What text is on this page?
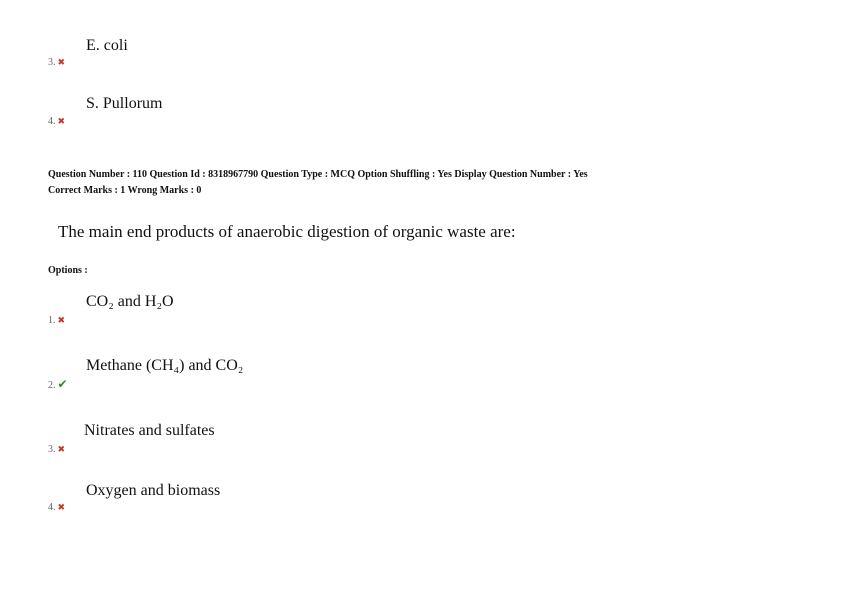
E. coli
3. ✖
S. Pullorum
4. ✖
Question Number : 110 Question Id : 8318967790 Question Type : MCQ Option Shuffling : Yes Display Question Number : Yes
Correct Marks : 1 Wrong Marks : 0
The main end products of anaerobic digestion of organic waste are:
Options :
CO₂ and H₂O
1. ✖
Methane (CH₄) and CO₂
2. ✔
Nitrates and sulfates
3. ✖
Oxygen and biomass
4. ✖
